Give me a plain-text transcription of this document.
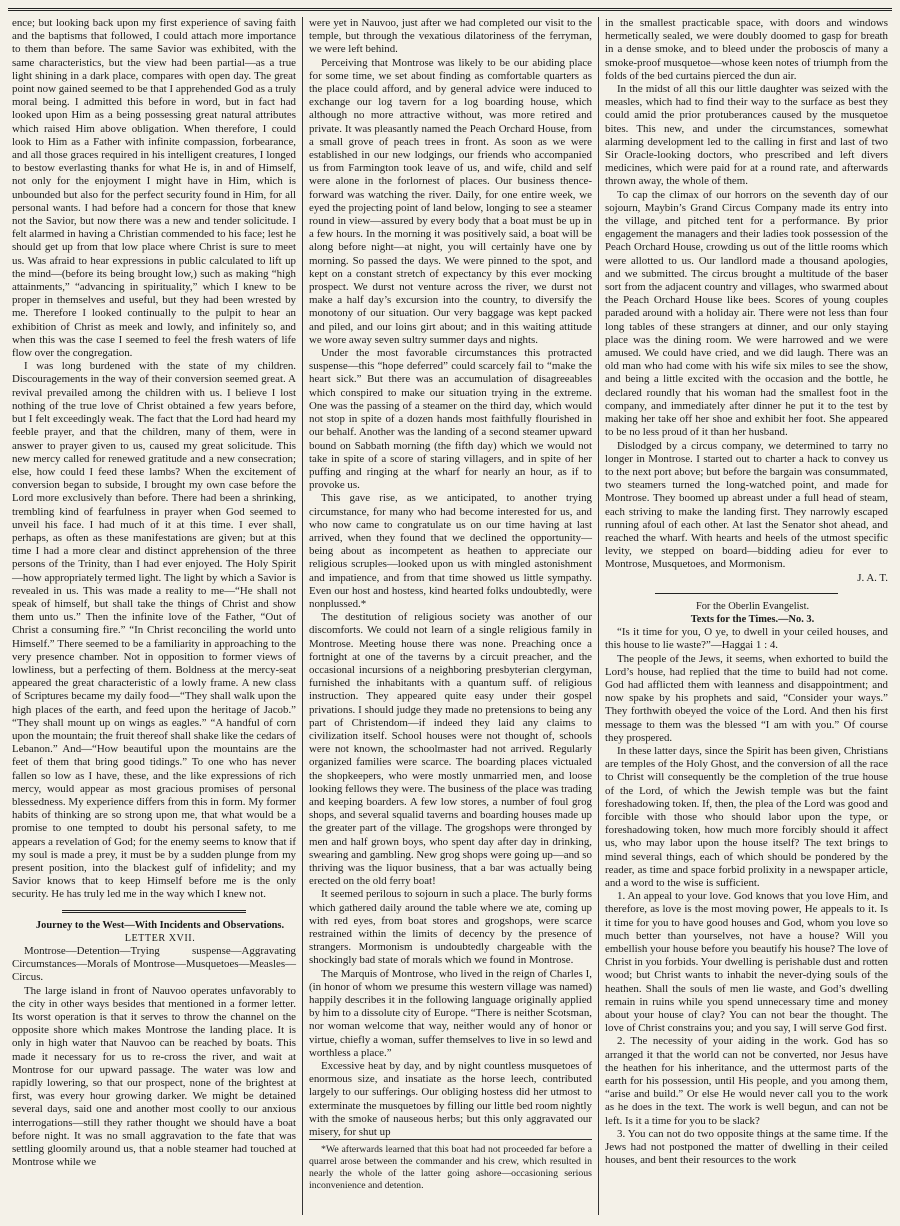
ence; but looking back upon my first experience of saving faith and the baptisms that followed, I could attach more importance to them than before. The same Savior was exhibited, with the same characteristics, but the view had been partial—as a true light shining in a dark place, compares with open day. The great point now gained seemed to be that I apprehended God as a truly moral being. I admitted this before in word, but in fact had looked upon Him as a being possessing great natural attributes which raised Him above obligation. When therefore, I could look to Him as a Father with infinite compassion, forbearance, and all those graces required in his intelligent creatures, I longed to bestow everlasting thanks for what He is, in and of Himself, not only for the enjoyment I might have in Him, which is unbounded but also for the perfect security found in Him, for all personal wants. I had before had a concern for those that knew not the Savior, but now there was a new and tender solicitude. I felt alarmed in having a Christian commended to his face; lest he should get up from that low place where Christ is sure to meet us. Was afraid to hear expressions in public calculated to lift up the mind—(before its being brought low,) such as making “high attainments,” “advancing in spirituality,” which I knew to be proper in themselves and useful, but they had been wrested by me. Therefore I looked continually to the pulpit to hear an exhibition of Christ as meek and lowly, and infinitely so, and when this was the case I seemed to feel the fresh waters of life flow over the congregation.

I was long burdened with the state of my children. Discouragements in the way of their conversion seemed great. A revival prevailed among the children with us. I believe I lost nothing of the true love of Christ obtained a few years before, but I felt exceedingly weak. The fact that the Lord had heard my feeble prayer, and that the children, many of them, were in answer to prayer given to us, caused my great solicitude. This new mercy called for renewed gratitude and a new consecration; else, how could I feed these lambs? When the excitement of conversion began to subside, I brought my own case before the Lord more exclusively than before. There had been a shrinking, trembling kind of fearfulness in prayer when God seemed to unveil his face. I had much of it at this time. I ever shall, perhaps, as often as these manifestations are given; but at this time I had a more clear and distinct apprehension of the three persons of the Trinity, than I had ever enjoyed. The Holy Spirit—how appropriately termed light. The light by which a Savior is revealed in us. This was made a reality to me—“He shall not speak of himself, but shall take the things of Christ and show them unto us.” Then the infinite love of the Father, “Out of Christ a consuming fire.” “In Christ reconciling the world unto Himself.” There seemed to be a familiarity in approaching to the very presence chamber. Not in opposition to former views of lowliness, but a perfecting of them. Boldness at the mercy-seat appeared the great characteristic of a lowly frame. A new class of Scriptures became my daily food—“They shall walk upon the high places of the earth, and feed upon the heritage of Jacob.” “They shall mount up on wings as eagles.” “A handful of corn upon the mountain; the fruit thereof shall shake like the cedars of Lebanon.” And—“How beautiful upon the mountains are the feet of them that bring good tidings.” To one who has never fallen so low as I have, these, and the like expressions of rich mercy, would appear as most gracious promises of personal blessedness. My experience differs from this in form. My former habits of thinking are so strong upon me, that what would be a promise to one tempted to doubt his personal safety, to me appears a revelation of God; for the enemy seems to know that if my soul is made a prey, it must be by a sudden plunge from my present position, into the blackest gulf of infidelity; and my Savior knows that to keep Himself before me is the only security. He has truly led me in the way which I knew not.

Journey to the West—With Incidents and Observations.

LETTER XVII.

Montrose—Detention—Trying suspense—Aggravating Circumstances—Morals of Montrose—Musquetoes—Measles—Circus.

The large island in front of Nauvoo operates unfavorably to the city in other ways besides that mentioned in a former letter. Its worst operation is that it serves to throw the channel on the opposite shore which makes Montrose the landing place. It is only in high water that Nauvoo can be reached by boats. This made it necessary for us to re-cross the river, and wait at Montrose for our upward passage. The water was low and rapidly lowering, so that our prospect, none of the brightest at first, was every hour growing darker. We might be detained several days, said one and another most coolly to our anxious interrogations—still they rather thought we should have a boat before night. It was no small aggravation to the fate that was settling gloomily around us, that a noble steamer had touched at Montrose while we

were yet in Nauvoo, just after we had completed our visit to the temple, but through the vexatious dilatoriness of the ferryman, we were left behind.

Perceiving that Montrose was likely to be our abiding place for some time, we set about finding as comfortable quarters as the place could afford, and by general advice were induced to exchange our log tavern for a log boarding house, which although no more attractive without, was more retired and private. It was pleasantly named the Peach Orchard House, from a small grove of peach trees in front. As soon as we were established in our new lodgings, our friends who accompanied us from Farmington took leave of us, and wife, child and self were alone in the forlornest of places. Our business thence-forward was watching the river. Daily, for one entire week, we eyed the projecting point of land below, longing to see a steamer round in view—assured by every body that a boat must be up in a few hours. In the morning it was positively said, a boat will be along before night—at night, you will certainly have one by morning. So passed the days. We were pinned to the spot, and kept on a constant stretch of expectancy by this ever mocking prospect. We durst not venture across the river, we durst not make a half day’s excursion into the country, to diversify the monotony of our situation. Our very baggage was kept packed and piled, and our loins girt about; and in this waiting attitude we wore away seven sultry summer days and nights.

Under the most favorable circumstances this protracted suspense—this “hope deferred” could scarcely fail to “make the heart sick.” But there was an accumulation of disagreeables which conspired to make our situation trying in the extreme. One was the passing of a steamer on the third day, which would not stop in spite of a dozen hands most faithfully flourished in our behalf. Another was the landing of a second steamer upward bound on Sabbath morning (the fifth day) which we would not take in spite of a score of staring villagers, and in spite of her puffing and ringing at the wharf for nearly an hour, as if to provoke us.

This gave rise, as we anticipated, to another trying circumstance, for many who had become interested for us, and who now came to congratulate us on our time having at last arrived, when they found that we declined the opportunity—being about as incompetent as heathen to appreciate our religious scruples—looked upon us with mingled astonishment and impatience, and from that time showed us little sympathy. Even our host and hostess, kind hearted folks undoubtedly, were nonplussed.*

The destitution of religious society was another of our discomforts. We could not learn of a single religious family in Montrose. Meeting house there was none. Preaching once a fortnight at one of the taverns by a circuit preacher, and the occasional incursions of a neighboring presbyterian clergyman, furnished the inhabitants with a quantum suff. of religious instruction. They appeared quite easy under their gospel privations. I should judge they made no pretensions to being any part of Christendom—if indeed they laid any claims to civilization itself. School houses were not thought of, schools were not known, the schoolmaster had not arrived. Regularly organized families were scarce. The boarding places victualed the shopkeepers, who were mostly unmarried men, and loose looking fellows they were. The business of the place was trading and keeping boarders. A few low stores, a number of foul grog shops, and several squalid taverns and boarding houses made up the greater part of the village. The grogshops were thronged by men and half grown boys, who spent day after day in drinking, swearing and gambling. New grog shops were going up—and so thriving was the liquor business, that a bar was actually being erected on the old ferry boat!

It seemed perilous to sojourn in such a place. The burly forms which gathered daily around the table where we ate, coming up with red eyes, from boat stores and grogshops, were scarce restrained within the limits of decency by the presence of strangers. Mormonism is undoubtedly chargeable with the shockingly bad state of morals which we found in Montrose.

The Marquis of Montrose, who lived in the reign of Charles I, (in honor of whom we presume this western village was named) happily describes it in the following language originally applied by him to a dissolute city of Europe. “There is neither Scotsman, nor woman welcome that way, neither would any of honor or virtue, chiefly a woman, suffer themselves to live in so lewd and worthless a place.”

Excessive heat by day, and by night countless musquetoes of enormous size, and insatiate as the horse leech, contributed largely to our sufferings. Our obliging hostess did her utmost to exterminate the musquetoes by filling our little bed room nightly with the smoke of nauseous herbs; but this only aggravated our misery, for shut up

*We afterwards learned that this boat had not proceeded far before a quarrel arose between the commander and his crew, which resulted in nearly the whole of the latter going ashore—occasioning serious inconvenience and detention.

in the smallest practicable space, with doors and windows hermetically sealed, we were doubly doomed to gasp for breath in a dense smoke, and to bleed under the proboscis of many a smoke-proof musquetoe—whose keen notes of triumph from the folds of the bed curtains pierced the dun air.

In the midst of all this our little daughter was seized with the measles, which had to find their way to the surface as best they could amid the prior protuberances caused by the musquetoe bites. This new, and under the circumstances, somewhat alarming development led to the calling in first and last of two Sir Oracle-looking doctors, who prescribed and left divers medicines, which were paid for at a round rate, and afterwards thrown away, the whole of them.

To cap the climax of our horrors on the seventh day of our sojourn, Maybin’s Grand Circus Company made its entry into the village, and pitched tent for a performance. By prior engagement the managers and their ladies took possession of the Peach Orchard House, crowding us out of the little rooms which were allotted to us. Our landlord made a thousand apologies, and we submitted. The circus brought a multitude of the baser sort from the adjacent country and villages, who swarmed about the Peach Orchard House like bees. Scores of young couples paraded around with a holiday air. There were not less than four long tables of these strangers at dinner, and our only staying place was the dining room. We were harrowed and we were amused. We could have cried, and we did laugh. There was an old man who had come with his wife six miles to see the show, and being a little excited with the occasion and the bottle, he declared roundly that his woman had the smallest foot in the company, and immediately after dinner he put it to the test by making her take off her shoe and exhibit her foot. She appeared to be no less proud of it than her husband.

Dislodged by a circus company, we determined to tarry no longer in Montrose. I started out to charter a hack to convey us to the next port above; but before the bargain was consummated, two steamers turned the long-watched point, and made for Montrose. They boomed up abreast under a full head of steam, each striving to make the landing first. They narrowly escaped running afoul of each other. At last the Senator shot ahead, and reached the wharf. With hearts and heels of the utmost specific levity, we stepped on board—bidding adieu for ever to Montrose, Musquetoes, and Mormonism.

J. A. T.

For the Oberlin Evangelist.

Texts for the Times.—No. 3.

“Is it time for you, O ye, to dwell in your ceiled houses, and this house to lie waste?”—Haggai 1 : 4.

The people of the Jews, it seems, when exhorted to build the Lord’s house, had replied that the time to build had not come. God had afflicted them with leanness and disappointment; and now spake by his prophets and said, “Consider your ways.” They forthwith obeyed the voice of the Lord. And then his first message to them was the blessed “I am with you.” Of course they prospered.

In these latter days, since the Spirit has been given, Christians are temples of the Holy Ghost, and the conversion of all the race to Christ will consequently be the completion of the true house of the Lord, of which the Jewish temple was but the faint foreshadowing token. If, then, the plea of the Lord was good and forcible with those who should labor upon the type, or foreshadowing token, how much more forcibly should it affect us, who may labor upon the house itself? The text brings to mind several things, each of which should be pondered by the reader, as time and space forbid prolixity in a newspaper article, and a word to the wise is sufficient.

1. An appeal to your love. God knows that you love Him, and therefore, as love is the most moving power, He appeals to it. Is it time for you to have good houses and God, whom you love so much better than yourselves, not have a house? Will you embellish your house before you beautify his house? The love of Christ in you forbids. Your dwelling is perishable dust and rotten wood; but Christ wants to inhabit the never-dying souls of the heathen. Shall the souls of men lie waste, and God’s dwelling remain in ruins while you spend unnecessary time and money about your house of clay? You can not bear the thought. The love of Christ constrains you; and you say, I will serve God first.

2. The necessity of your aiding in the work. God has so arranged it that the world can not be converted, nor Jesus have the heathen for his inheritance, and the uttermost parts of the earth for his possession, until His people, and you among them, “arise and build.” Or else He would never call you to the work as he does in the text. The work is well begun, and can not be left. Is it a time for you to be slack?

3. You can not do two opposite things at the same time. If the Jews had not postponed the matter of dwelling in their ceiled houses, and bent their resources to the work
